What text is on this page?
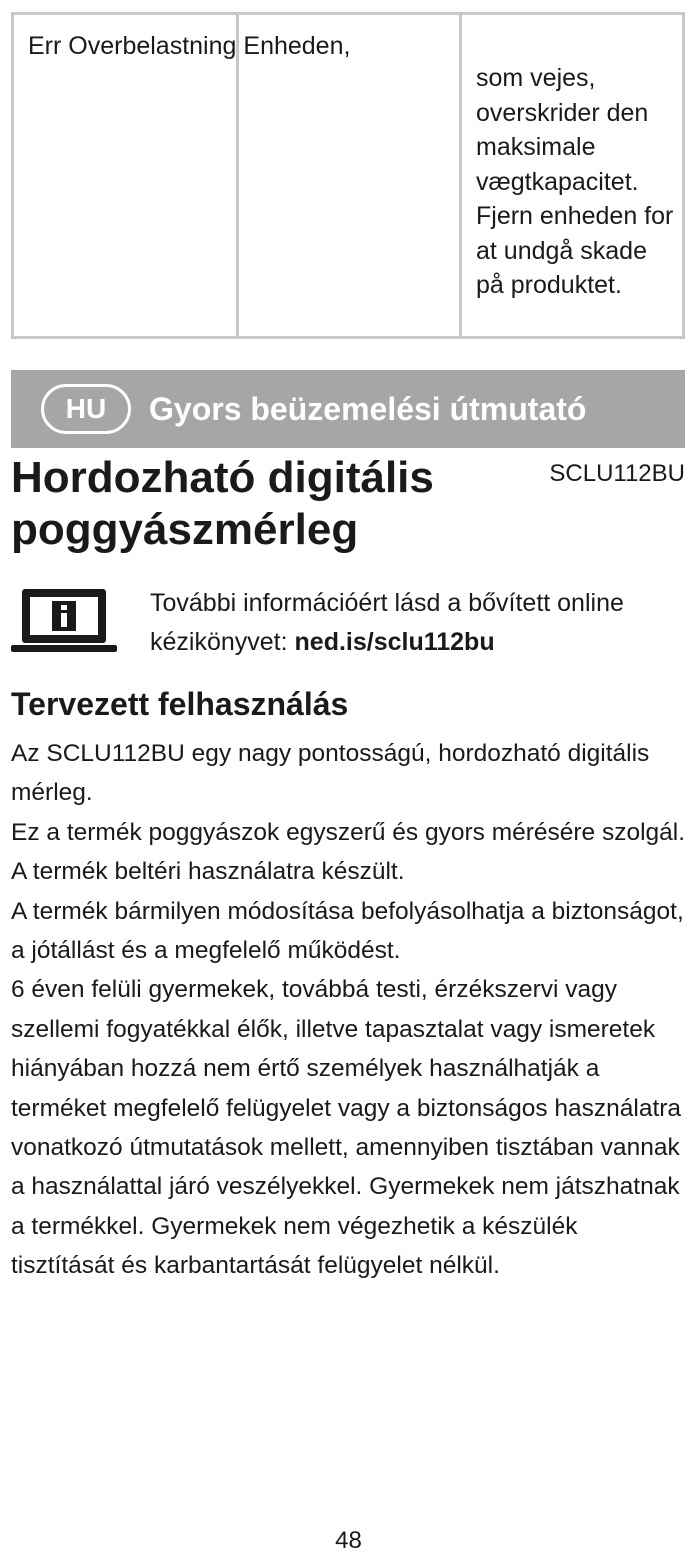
Err Overbelastning Enheden,
som vejes, overskrider den maksimale vægtkapacitet. Fjern enheden for at undgå skade på produktet.
HU	Gyors beüzemelési útmutató
Hordozható digitális poggyászmérleg
SCLU112BU
További információért lásd a bővített online kézikönyvet: ned.is/sclu112bu
Tervezett felhasználás

Az SCLU112BU egy nagy pontosságú, hordozható digitális mérleg.

Ez a termék poggyászok egyszerű és gyors mérésére szolgál.

A termék beltéri használatra készült.

A termék bármilyen módosítása befolyásolhatja a biztonságot, a jótállást és a megfelelő működést.

6 éven felüli gyermekek, továbbá testi, érzékszervi vagy szellemi fogyatékkal élők, illetve tapasztalat vagy ismeretek hiányában hozzá nem értő személyek használhatják a terméket megfelelő felügyelet vagy a biztonságos használatra vonatkozó útmutatások mellett, amennyiben tisztában vannak a használattal járó veszélyekkel. Gyermekek nem játszhatnak a termékkel. Gyermekek nem végezhetik a készülék tisztítását és karbantartását felügyelet nélkül.

48
